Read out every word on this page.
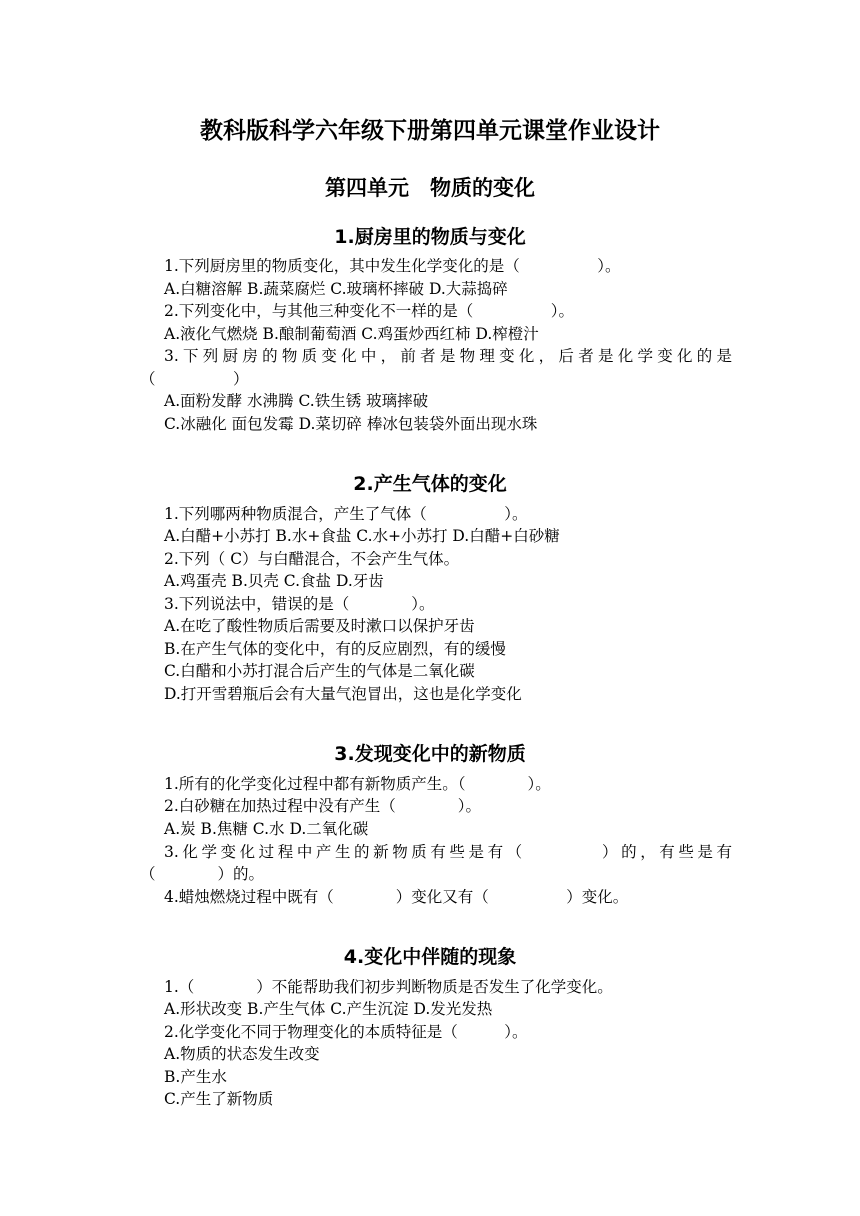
教科版科学六年级下册第四单元课堂作业设计
第四单元　物质的变化
1.厨房里的物质与变化
1.下列厨房里的物质变化，其中发生化学变化的是（　　　　　）。
A.白糖溶解 B.蔬菜腐烂 C.玻璃杯摔破 D.大蒜捣碎
2.下列变化中，与其他三种变化不一样的是（　　　　　）。
A.液化气燃烧 B.酿制葡萄酒 C.鸡蛋炒西红柿 D.榨橙汁
3.下列厨房的物质变化中，前者是物理变化，后者是化学变化的是
（　　　　　）
A.面粉发酵 水沸腾 C.铁生锈 玻璃摔破
C.冰融化 面包发霉 D.菜切碎 棒冰包装袋外面出现水珠
2.产生气体的变化
1.下列哪两种物质混合，产生了气体（　　　　　）。
A.白醋+小苏打 B.水+食盐 C.水+小苏打 D.白醋+白砂糖
2.下列（ C）与白醋混合，不会产生气体。
A.鸡蛋壳 B.贝壳 C.食盐 D.牙齿
3.下列说法中，错误的是（　　　　）。
A.在吃了酸性物质后需要及时漱口以保护牙齿
B.在产生气体的变化中，有的反应剧烈，有的缓慢
C.白醋和小苏打混合后产生的气体是二氧化碳
D.打开雪碧瓶后会有大量气泡冒出，这也是化学变化
3.发现变化中的新物质
1.所有的化学变化过程中都有新物质产生。（　　　　）。
2.白砂糖在加热过程中没有产生（　　　　）。
A.炭 B.焦糖 C.水 D.二氧化碳
3.化学变化过程中产生的新物质有些是有（　　　　）的，有些是有
（　　　　）的。
4.蜡烛燃烧过程中既有（　　　　）变化又有（　　　　　）变化。
4.变化中伴随的现象
1.（　　　　）不能帮助我们初步判断物质是否发生了化学变化。
A.形状改变 B.产生气体 C.产生沉淀 D.发光发热
2.化学变化不同于物理变化的本质特征是（　　　）。
A.物质的状态发生改变
B.产生水
C.产生了新物质
